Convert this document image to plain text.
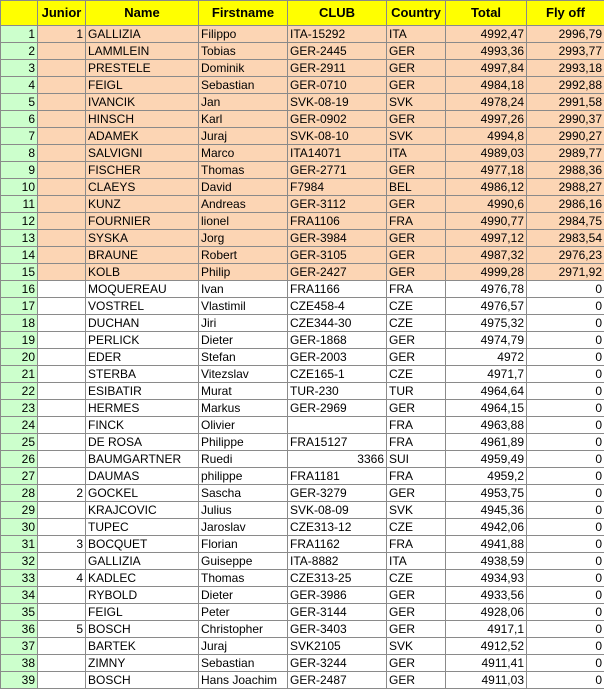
	Junior	Name	Firstname	CLUB	Country	Total	Fly off
1	1	GALLIZIA	Filippo	ITA-15292	ITA	4992,47	2996,79
2		LAMMLEIN	Tobias	GER-2445	GER	4993,36	2993,77
3		PRESTELE	Dominik	GER-2911	GER	4997,84	2993,18
4		FEIGL	Sebastian	GER-0710	GER	4984,18	2992,88
5		IVANCIK	Jan	SVK-08-19	SVK	4978,24	2991,58
6		HINSCH	Karl	GER-0902	GER	4997,26	2990,37
7		ADAMEK	Juraj	SVK-08-10	SVK	4994,8	2990,27
8		SALVIGNI	Marco	ITA14071	ITA	4989,03	2989,77
9		FISCHER	Thomas	GER-2771	GER	4977,18	2988,36
10		CLAEYS	David	F7984	BEL	4986,12	2988,27
11		KUNZ	Andreas	GER-3112	GER	4990,6	2986,16
12		FOURNIER	lionel	FRA1106	FRA	4990,77	2984,75
13		SYSKA	Jorg	GER-3984	GER	4997,12	2983,54
14		BRAUNE	Robert	GER-3105	GER	4987,32	2976,23
15		KOLB	Philip	GER-2427	GER	4999,28	2971,92
16		MOQUEREAU	Ivan	FRA1166	FRA	4976,78	0
17		VOSTREL	Vlastimil	CZE458-4	CZE	4976,57	0
18		DUCHAN	Jiri	CZE344-30	CZE	4975,32	0
19		PERLICK	Dieter	GER-1868	GER	4974,79	0
20		EDER	Stefan	GER-2003	GER	4972	0
21		STERBA	Vitezslav	CZE165-1	CZE	4971,7	0
22		ESIBATIR	Murat	TUR-230	TUR	4964,64	0
23		HERMES	Markus	GER-2969	GER	4964,15	0
24		FINCK	Olivier		FRA	4963,88	0
25		DE ROSA	Philippe	FRA15127	FRA	4961,89	0
26		BAUMGARTNER	Ruedi	3366	SUI	4959,49	0
27		DAUMAS	philippe	FRA1181	FRA	4959,2	0
28	2	GOCKEL	Sascha	GER-3279	GER	4953,75	0
29		KRAJCOVIC	Julius	SVK-08-09	SVK	4945,36	0
30		TUPEC	Jaroslav	CZE313-12	CZE	4942,06	0
31	3	BOCQUET	Florian	FRA1162	FRA	4941,88	0
32		GALLIZIA	Guiseppe	ITA-8882	ITA	4938,59	0
33	4	KADLEC	Thomas	CZE313-25	CZE	4934,93	0
34		RYBOLD	Dieter	GER-3986	GER	4933,56	0
35		FEIGL	Peter	GER-3144	GER	4928,06	0
36	5	BOSCH	Christopher	GER-3403	GER	4917,1	0
37		BARTEK	Juraj	SVK2105	SVK	4912,52	0
38		ZIMNY	Sebastian	GER-3244	GER	4911,41	0
39		BOSCH	Hans Joachim	GER-2487	GER	4911,03	0
